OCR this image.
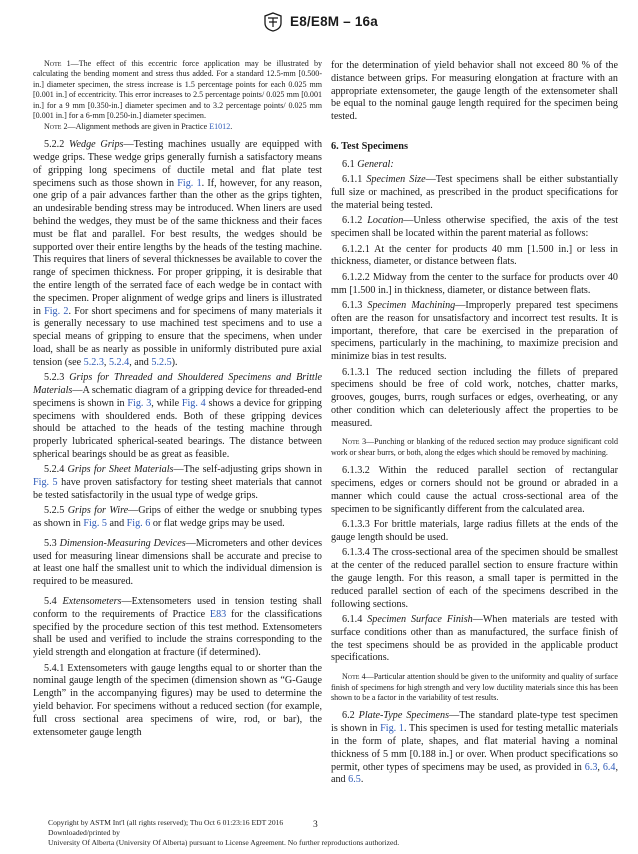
E8/E8M – 16a

Note 1—The effect of this eccentric force application may be illustrated by calculating the bending moment and stress thus added. For a standard 12.5-mm [0.500-in.] diameter specimen, the stress increase is 1.5 percentage points for each 0.025 mm [0.001 in.] of eccentricity. This error increases to 2.5 percentage points/ 0.025 mm [0.001 in.] for a 9 mm [0.350-in.] diameter specimen and to 3.2 percentage points/ 0.025 mm [0.001 in.] for a 6-mm [0.250-in.] diameter specimen.

Note 2—Alignment methods are given in Practice E1012.

5.2.2 Wedge Grips—Testing machines usually are equipped with wedge grips. These wedge grips generally furnish a satisfactory means of gripping long specimens of ductile metal and flat plate test specimens such as those shown in Fig. 1. If, however, for any reason, one grip of a pair advances farther than the other as the grips tighten, an undesirable bending stress may be introduced. When liners are used behind the wedges, they must be of the same thickness and their faces must be flat and parallel. For best results, the wedges should be supported over their entire lengths by the heads of the testing machine. This requires that liners of several thicknesses be available to cover the range of specimen thickness. For proper gripping, it is desirable that the entire length of the serrated face of each wedge be in contact with the specimen. Proper alignment of wedge grips and liners is illustrated in Fig. 2. For short specimens and for specimens of many materials it is generally necessary to use machined test specimens and to use a special means of gripping to ensure that the specimens, when under load, shall be as nearly as possible in uniformly distributed pure axial tension (see 5.2.3, 5.2.4, and 5.2.5).

5.2.3 Grips for Threaded and Shouldered Specimens and Brittle Materials—A schematic diagram of a gripping device for threaded-end specimens is shown in Fig. 3, while Fig. 4 shows a device for gripping specimens with shouldered ends. Both of these gripping devices should be attached to the heads of the testing machine through properly lubricated spherical-seated bearings. The distance between spherical bearings should be as great as feasible.

5.2.4 Grips for Sheet Materials—The self-adjusting grips shown in Fig. 5 have proven satisfactory for testing sheet materials that cannot be tested satisfactorily in the usual type of wedge grips.

5.2.5 Grips for Wire—Grips of either the wedge or snubbing types as shown in Fig. 5 and Fig. 6 or flat wedge grips may be used.

5.3 Dimension-Measuring Devices—Micrometers and other devices used for measuring linear dimensions shall be accurate and precise to at least one half the smallest unit to which the individual dimension is required to be measured.

5.4 Extensometers—Extensometers used in tension testing shall conform to the requirements of Practice E83 for the classifications specified by the procedure section of this test method. Extensometers shall be used and verified to include the strains corresponding to the yield strength and elongation at fracture (if determined).

5.4.1 Extensometers with gauge lengths equal to or shorter than the nominal gauge length of the specimen (dimension shown as “G-Gauge Length” in the accompanying figures) may be used to determine the yield behavior. For specimens without a reduced section (for example, full cross sectional area specimens of wire, rod, or bar), the extensometer gauge length

for the determination of yield behavior shall not exceed 80 % of the distance between grips. For measuring elongation at fracture with an appropriate extensometer, the gauge length of the extensometer shall be equal to the nominal gauge length required for the specimen being tested.

6. Test Specimens

6.1 General:

6.1.1 Specimen Size—Test specimens shall be either substantially full size or machined, as prescribed in the product specifications for the material being tested.

6.1.2 Location—Unless otherwise specified, the axis of the test specimen shall be located within the parent material as follows:

6.1.2.1 At the center for products 40 mm [1.500 in.] or less in thickness, diameter, or distance between flats.

6.1.2.2 Midway from the center to the surface for products over 40 mm [1.500 in.] in thickness, diameter, or distance between flats.

6.1.3 Specimen Machining—Improperly prepared test specimens often are the reason for unsatisfactory and incorrect test results. It is important, therefore, that care be exercised in the preparation of specimens, particularly in the machining, to maximize precision and minimize bias in test results.

6.1.3.1 The reduced section including the fillets of prepared specimens should be free of cold work, notches, chatter marks, grooves, gouges, burrs, rough surfaces or edges, overheating, or any other condition which can deleteriously affect the properties to be measured.

Note 3—Punching or blanking of the reduced section may produce significant cold work or shear burrs, or both, along the edges which should be removed by machining.

6.1.3.2 Within the reduced parallel section of rectangular specimens, edges or corners should not be ground or abraded in a manner which could cause the actual cross-sectional area of the specimen to be significantly different from the calculated area.

6.1.3.3 For brittle materials, large radius fillets at the ends of the gauge length should be used.

6.1.3.4 The cross-sectional area of the specimen should be smallest at the center of the reduced parallel section to ensure fracture within the gauge length. For this reason, a small taper is permitted in the reduced parallel section of each of the specimens described in the following sections.

6.1.4 Specimen Surface Finish—When materials are tested with surface conditions other than as manufactured, the surface finish of the test specimens should be as provided in the applicable product specifications.

Note 4—Particular attention should be given to the uniformity and quality of surface finish of specimens for high strength and very low ductility materials since this has been shown to be a factor in the variability of test results.

6.2 Plate-Type Specimens—The standard plate-type test specimen is shown in Fig. 1. This specimen is used for testing metallic materials in the form of plate, shapes, and flat material having a nominal thickness of 5 mm [0.188 in.] or over. When product specifications so permit, other types of specimens may be used, as provided in 6.3, 6.4, and 6.5.

Copyright by ASTM Int'l (all rights reserved); Thu Oct 6 01:23:16 EDT 2016
Downloaded/printed by
University Of Alberta (University Of Alberta) pursuant to License Agreement. No further reproductions authorized.
3
